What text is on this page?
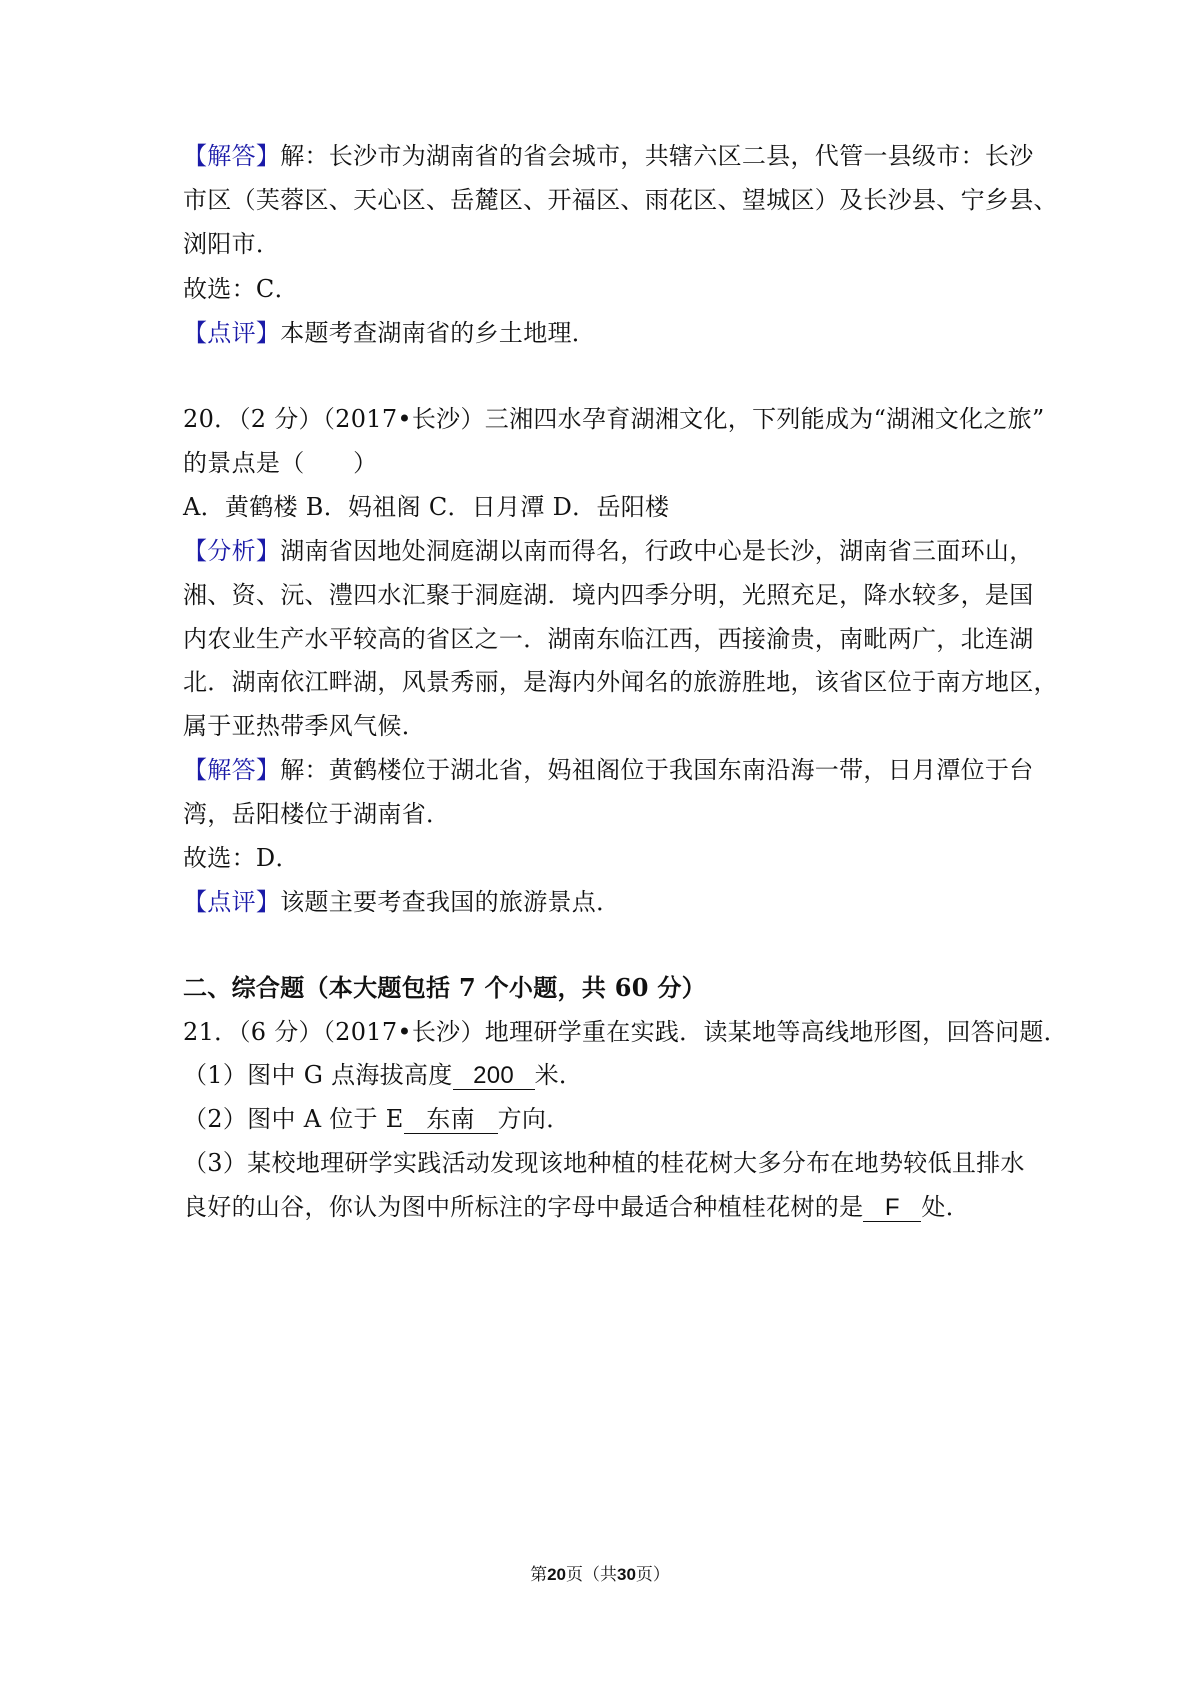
【解答】解：长沙市为湖南省的省会城市，共辖六区二县，代管一县级市：长沙
市区（芙蓉区、天心区、岳麓区、开福区、雨花区、望城区）及长沙县、宁乡县、
浏阳市．
故选：C．
【点评】本题考查湖南省的乡土地理．
20．（2 分）（2017•长沙）三湘四水孕育湖湘文化，下列能成为“湖湘文化之旅”
的景点是（　　）
A．黄鹤楼 B．妈祖阁 C．日月潭 D．岳阳楼
【分析】湖南省因地处洞庭湖以南而得名，行政中心是长沙，湖南省三面环山，
湘、资、沅、澧四水汇聚于洞庭湖．境内四季分明，光照充足，降水较多，是国
内农业生产水平较高的省区之一．湖南东临江西，西接渝贵，南毗两广，北连湖
北．湖南依江畔湖，风景秀丽，是海内外闻名的旅游胜地，该省区位于南方地区，
属于亚热带季风气候．
【解答】解：黄鹤楼位于湖北省，妈祖阁位于我国东南沿海一带，日月潭位于台
湾，岳阳楼位于湖南省．
故选：D．
【点评】该题主要考查我国的旅游景点．
二、综合题（本大题包括 7 个小题，共 60 分）
21．（6 分）（2017•长沙）地理研学重在实践．读某地等高线地形图，回答问题．
（1）图中 G 点海拔高度 200 米．
（2）图中 A 位于 E 东南 方向．
（3）某校地理研学实践活动发现该地种植的桂花树大多分布在地势较低且排水
良好的山谷，你认为图中所标注的字母中最适合种植桂花树的是 F 处．
第20页（共30页）
